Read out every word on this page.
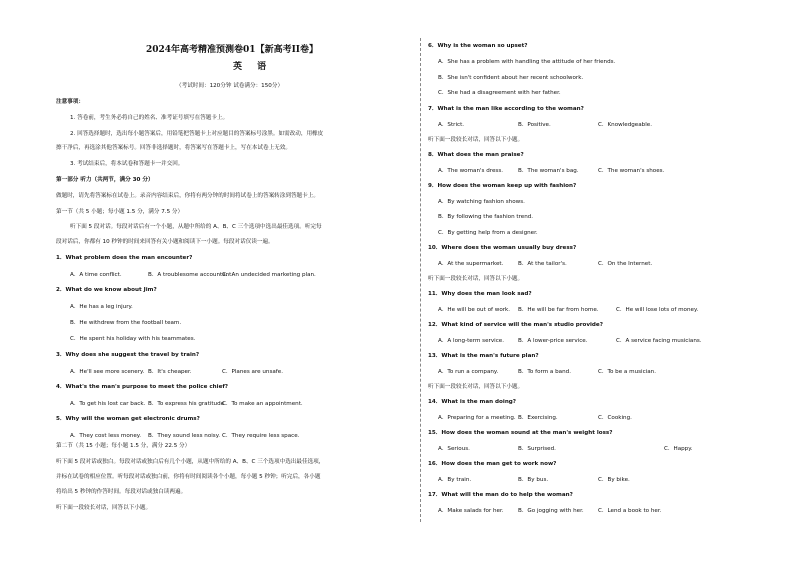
2024年高考精准预测卷01【新高考II卷】
英 语
（考试时间：120分钟 试卷满分：150分）
注意事项：
1. 答卷前，考生务必将自己的姓名、准考证号填写在答题卡上。
2. 回答选择题时，选出每小题答案后，用铅笔把答题卡上对应题目的答案标号涂黑。如需改动，用橡皮
擦干净后，再选涂其他答案标号。回答非选择题时，将答案写在答题卡上，写在本试卷上无效。
3. 考试结束后，将本试卷和答题卡一并交回。
第一部分 听力（共两节，满分 30 分）
做题时，请先将答案标在试卷上。录音内容结束后，你将有两分钟的时间将试卷上的答案转涂到答题卡上。
第一节（共 5 小题；每小题 1.5 分，满分 7.5 分）
听下面 5 段对话。每段对话后有一个小题，从题中所给的 A、B、C 三个选项中选出最佳选项。听完每
段对话后，你都有 10 秒钟的时间来回答有关小题和阅读下一小题。每段对话仅读一遍。
1．What problem does the man encounter?
A．A time conflict.	B．A troublesome accountant.
C．An undecided marketing plan.
2．What do we know about Jim?
A．He has a leg injury.
B．He withdrew from the football team.
C．He spent his holiday with his teammates.
3．Why does she suggest the travel by train?
A．He'll see more scenery. B．It's cheaper.	C．Planes are unsafe.
4．What's the man's purpose to meet the police chief?
A．To get his lost car back. B．To express his gratitude.
C．To make an appointment.
5．Why will the woman get electronic drums?
A．They cost less money. B．They sound less noisy. C．They require less space.
第二节（共 15 小题；每小题 1.5 分，满分 22.5 分）
听下面 5 段对话或独白。每段对话或独白后有几个小题，从题中所给的 A、B、C 三个选项中选出最佳选项，
并标在试卷的相应位置。听每段对话或独白前，你将有时间阅读各个小题，每小题 5 秒钟；听完后，各小题
将给出 5 秒钟的作答时间。每段对话或独白读两遍。
听下面一段较长对话，回答以下小题。
6．Why is the woman so upset?
A．She has a problem with handling the attitude of her friends.
B．She isn't confident about her recent schoolwork.
C．She had a disagreement with her father.
7．What is the man like according to the woman?
A．Strict.	B．Positive.	C．Knowledgeable.
听下面一段较长对话，回答以下小题。
8．What does the man praise?
A．The woman's dress.	B．The woman's bag.	C．The woman's shoes.
9．How does the woman keep up with fashion?
A．By watching fashion shows.
B．By following the fashion trend.
C．By getting help from a designer.
10．Where does the woman usually buy dress?
A．At the supermarket.	B．At the tailor's.	C．On the Internet.
听下面一段较长对话，回答以下小题。
11．Why does the man look sad?
A．He will be out of work. B．He will be far from home.	C．He will lose lots of money.
12．What kind of service will the man's studio provide?
A．A long-term service.	B．A lower-price service.	C．A service facing musicians.
13．What is the man's future plan?
A．To run a company.	B．To form a band.	C．To be a musician.
听下面一段较长对话，回答以下小题。
14．What is the man doing?
A．Preparing for a meeting. B．Exercising.	C．Cooking.
15．How does the woman sound at the man's weight loss?
A．Serious.	B．Surprised.	C．Happy.
16．How does the man get to work now?
A．By train.	B．By bus.	C．By bike.
17．What will the man do to help the woman?
A．Make salads for her.	B．Go jogging with her.	C．Lend a book to her.
